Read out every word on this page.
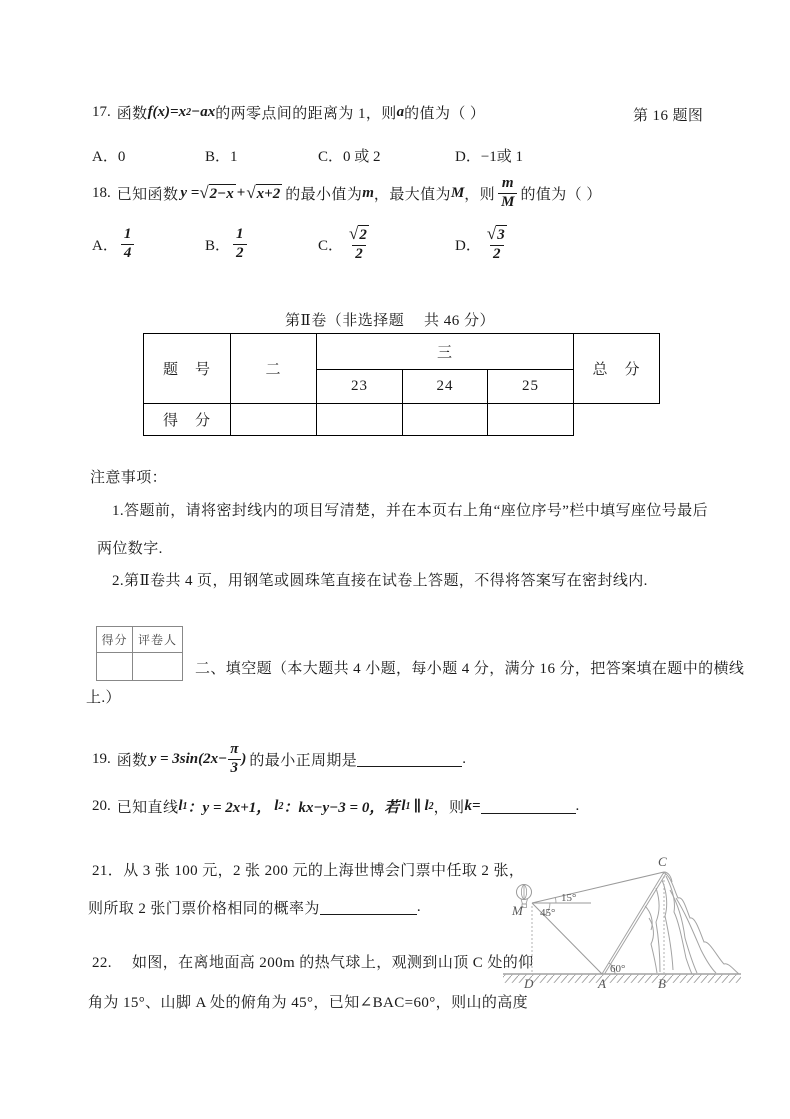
17. 函数 f(x)=x 2 −ax 的两零点间的距离为 1，则 a 的值为（ ）	第 16 题图
A．0	B．1	C．0 或 2	D．−1或 1
18. 已知函数 y = √ 2−x + √ x+2 的最小值为 m ，最大值为 M ，则 $\frac{m}{M}$ 的值为（ ）
A． $\frac{1}{4}$	B． $\frac{1}{2}$	C． $\frac{√2}{2}$	D． $\frac{√3}{2}$
第Ⅱ卷（非选择题　 共 46 分）
题　号	二	三			总　分
		23	24	25	
得　分					
注意事项：
1.答题前，请将密封线内的项目写清楚，并在本页右上角“座位序号”栏中填写座位号最后
两位数字.
2.第Ⅱ卷共 4 页，用钢笔或圆珠笔直接在试卷上答题，不得将答案写在密封线内.
得分	评卷人

二、填空题（本大题共 4 小题，每小题 4 分，满分 16 分，把答案填在题中的横线
上.）
19. 函数 $y = 3\sin(2x- \frac{\pi}{3}$ ) 的最小正周期是	.
20. 已知直线 l 1 ：y = 2x+1， l 2 ：kx−y−3 = 0，若 l 1 ∥ l 2 ，则 k=	.
21．从 3 张 100 元，2 张 200 元的上海世博会门票中任取 2 张，
则所取 2 张门票价格相同的概率为	.
22. 如图，在离地面高 200m 的热气球上，观测到山顶 C 处的仰
角为 15°、山脚 A 处的俯角为 45°，已知∠BAC=60°，则山的高度
C
M
D	A	B
15°
45°
60°
